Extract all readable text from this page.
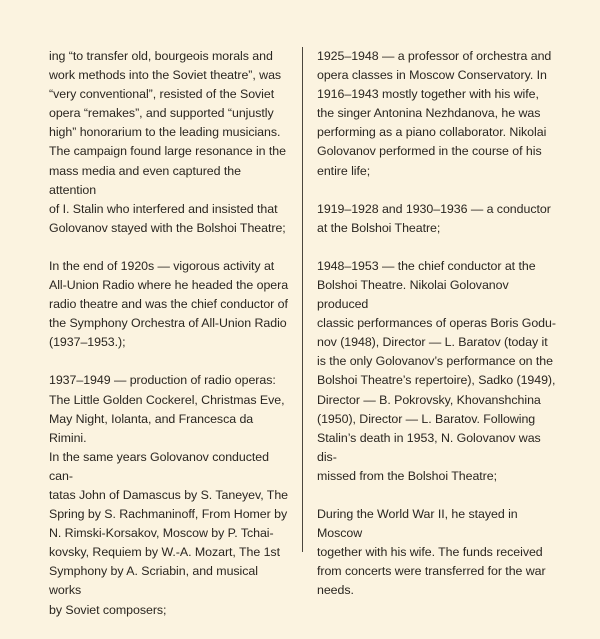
ing “to transfer old, bourgeois morals and
work methods into the Soviet theatre”, was
“very conventional”, resisted of the Soviet
opera “remakes”, and supported “unjustly
high” honorarium to the leading musicians.
The campaign found large resonance in the
mass media and even captured the attention
of I. Stalin who interfered and insisted that
Golovanov stayed with the Bolshoi Theatre;

In the end of 1920s — vigorous activity at
All-Union Radio where he headed the opera
radio theatre and was the chief conductor of
the Symphony Orchestra of All-Union Radio
(1937–1953.);

1937–1949 — production of radio operas:
The Little Golden Cockerel, Christmas Eve,
May Night, Iolanta, and Francesca da Rimini.
In the same years Golovanov conducted can-
tatas John of Damascus by S. Taneyev, The
Spring by S. Rachmaninoff, From Homer by
N. Rimski-Korsakov, Moscow by P. Tchai-
kovsky, Requiem by W.-A. Mozart, The 1st
Symphony by A. Scriabin, and musical works
by Soviet composers;

1925–1948 — a professor of orchestra and
opera classes in Moscow Conservatory. In
1916–1943 mostly together with his wife,
the singer Antonina Nezhdanova, he was
performing as a piano collaborator. Nikolai
Golovanov performed in the course of his
entire life;

1919–1928 and 1930–1936 — a conductor
at the Bolshoi Theatre;

1948–1953 — the chief conductor at the
Bolshoi Theatre. Nikolai Golovanov produced
classic performances of operas Boris Godu-
nov (1948), Director — L. Baratov (today it
is the only Golovanov’s performance on the
Bolshoi Theatre’s repertoire), Sadko (1949),
Director — B. Pokrovsky, Khovanshchina
(1950), Director — L. Baratov. Following
Stalin’s death in 1953, N. Golovanov was dis-
missed from the Bolshoi Theatre;

During the World War II, he stayed in Moscow
together with his wife. The funds received
from concerts were transferred for the war
needs.
